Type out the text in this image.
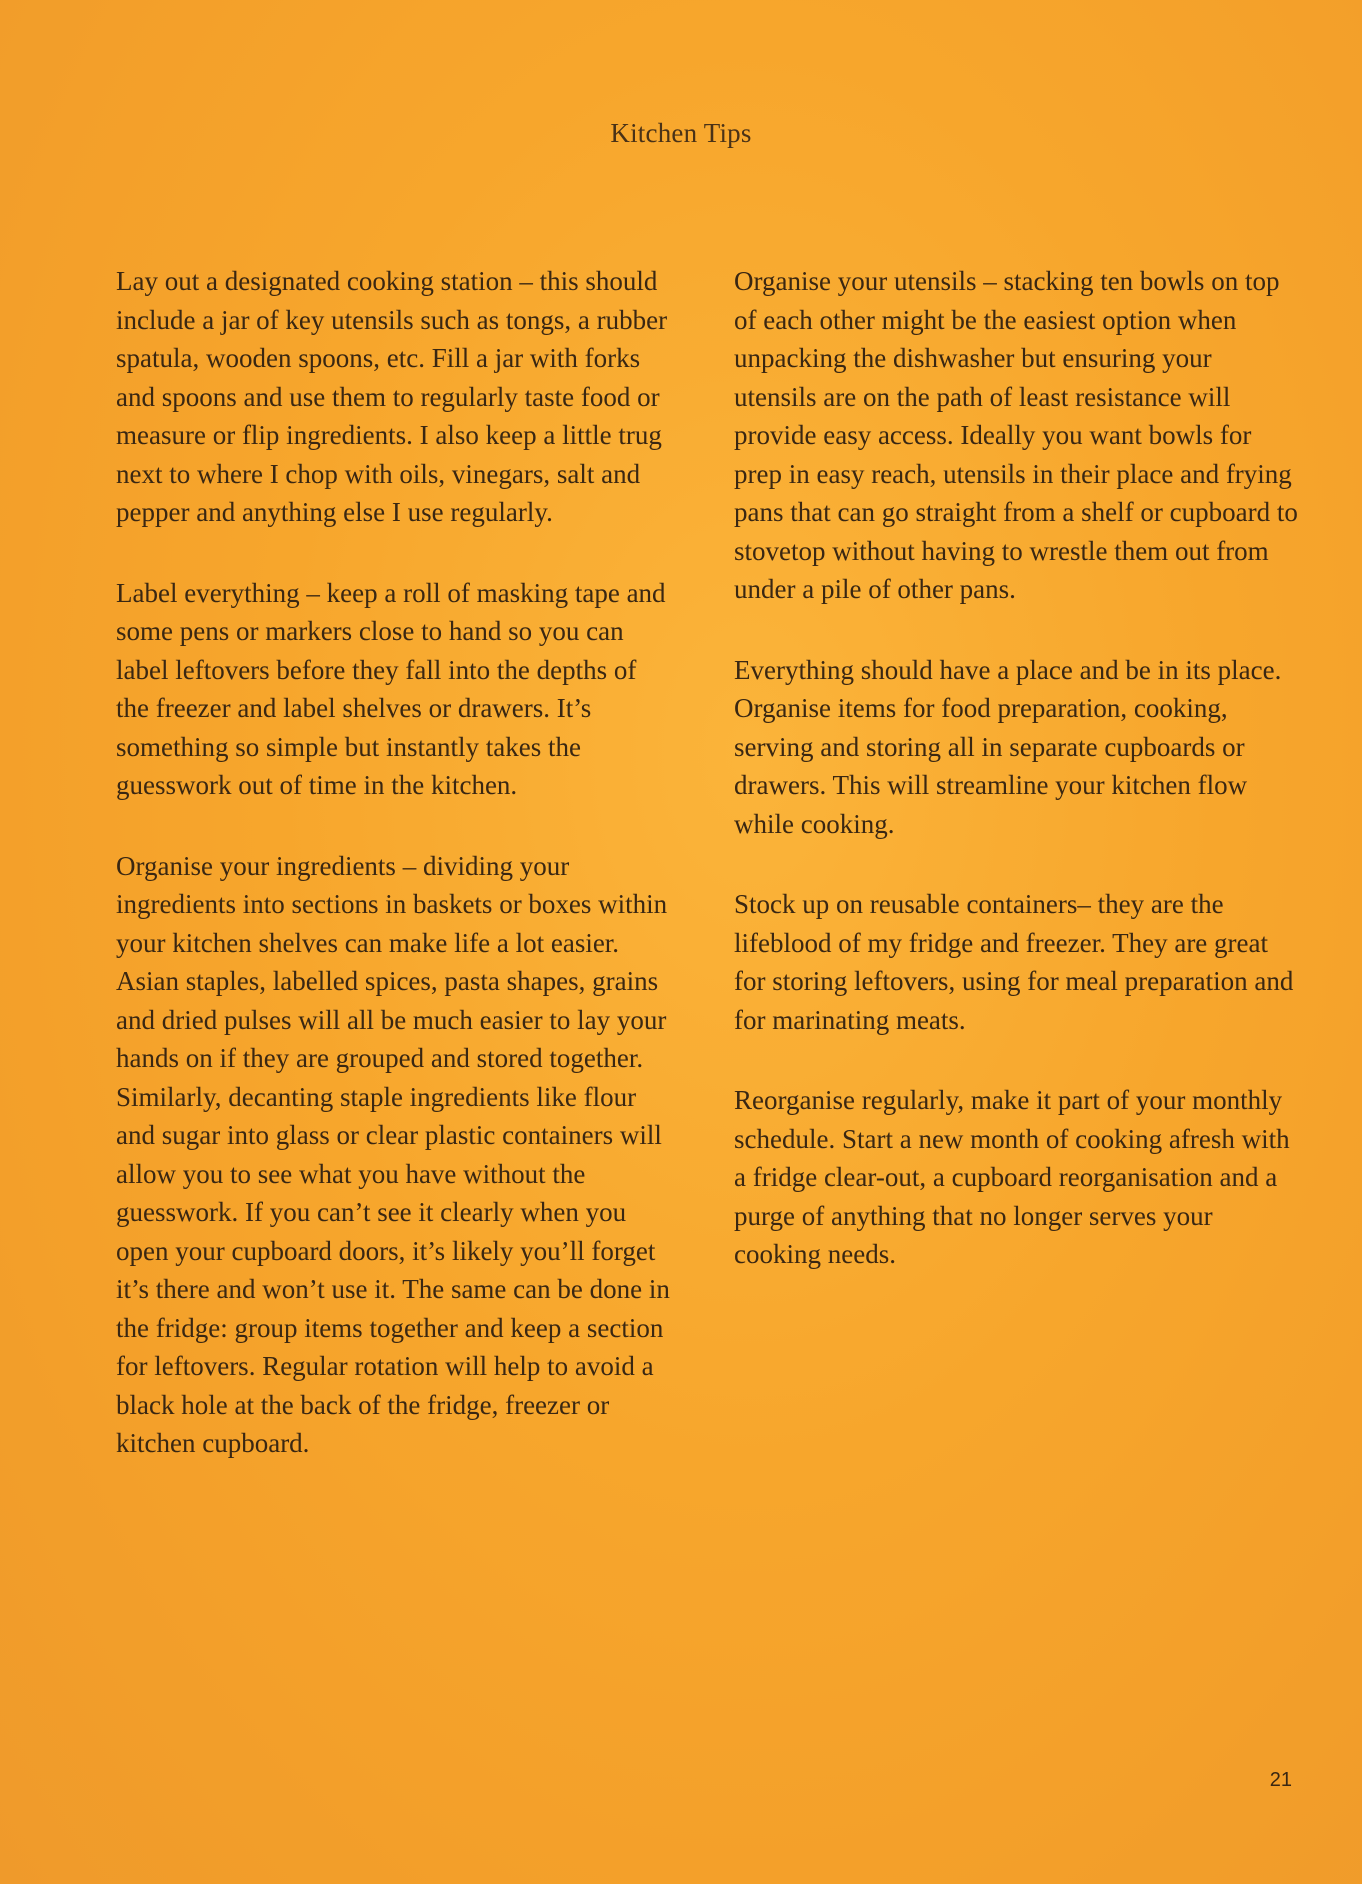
Kitchen Tips

Lay out a designated cooking station – this should include a jar of key utensils such as tongs, a rubber spatula, wooden spoons, etc. Fill a jar with forks and spoons and use them to regularly taste food or measure or flip ingredients. I also keep a little trug next to where I chop with oils, vinegars, salt and pepper and anything else I use regularly.

Label everything – keep a roll of masking tape and some pens or markers close to hand so you can label leftovers before they fall into the depths of the freezer and label shelves or drawers. It’s something so simple but instantly takes the guesswork out of time in the kitchen.

Organise your ingredients – dividing your ingredients into sections in baskets or boxes within your kitchen shelves can make life a lot easier. Asian staples, labelled spices, pasta shapes, grains and dried pulses will all be much easier to lay your hands on if they are grouped and stored together. Similarly, decanting staple ingredients like flour and sugar into glass or clear plastic containers will allow you to see what you have without the guesswork. If you can’t see it clearly when you open your cupboard doors, it’s likely you’ll forget it’s there and won’t use it. The same can be done in the fridge: group items together and keep a section for leftovers. Regular rotation will help to avoid a black hole at the back of the fridge, freezer or kitchen cupboard.

Organise your utensils – stacking ten bowls on top of each other might be the easiest option when unpacking the dishwasher but ensuring your utensils are on the path of least resistance will provide easy access. Ideally you want bowls for prep in easy reach, utensils in their place and frying pans that can go straight from a shelf or cupboard to stovetop without having to wrestle them out from under a pile of other pans.

Everything should have a place and be in its place. Organise items for food preparation, cooking, serving and storing all in separate cupboards or drawers. This will streamline your kitchen flow while cooking.

Stock up on reusable containers– they are the lifeblood of my fridge and freezer. They are great for storing leftovers, using for meal preparation and for marinating meats.

Reorganise regularly, make it part of your monthly schedule. Start a new month of cooking afresh with a fridge clear-out, a cupboard reorganisation and a purge of anything that no longer serves your cooking needs.

21
